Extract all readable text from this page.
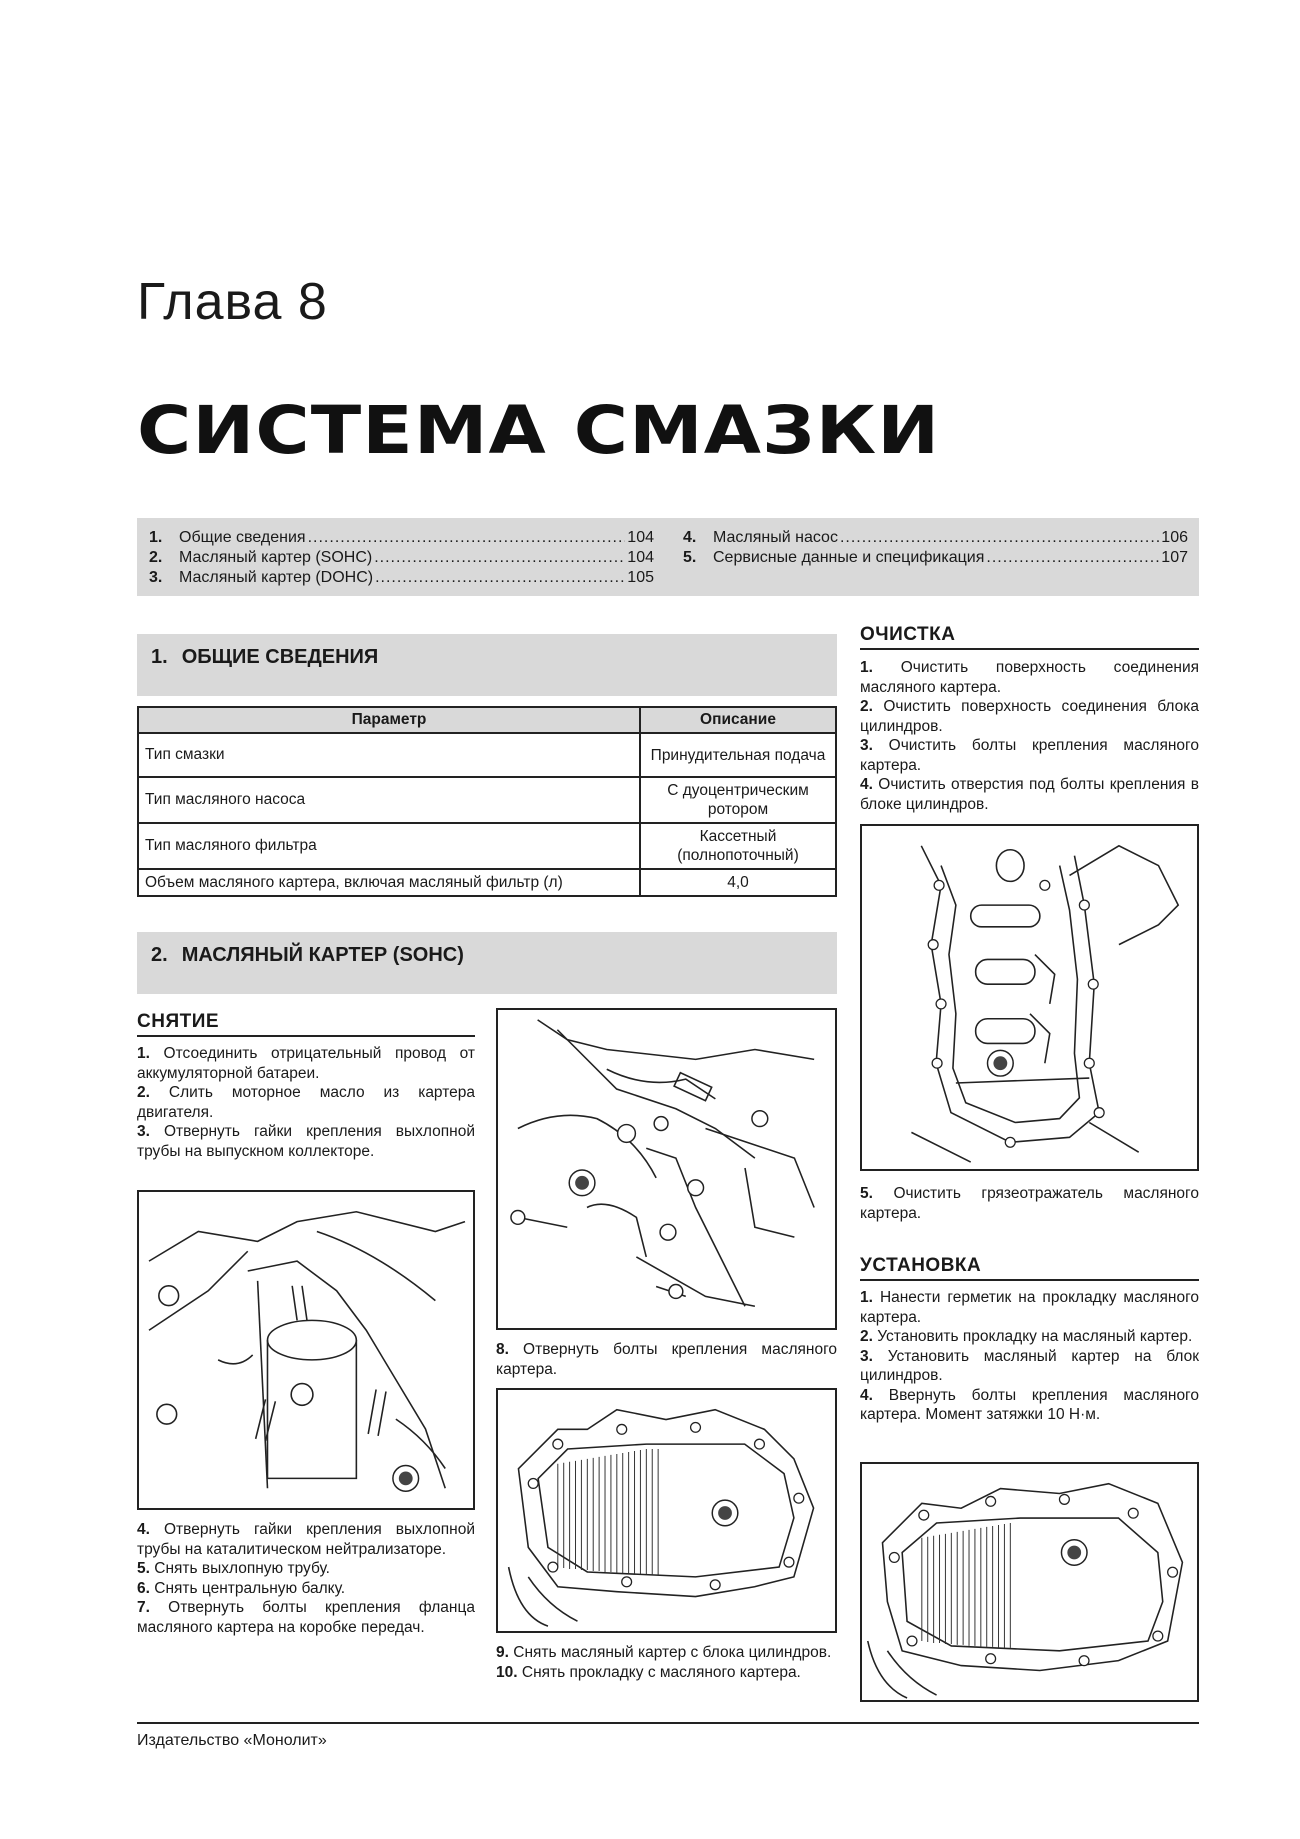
Глава 8
СИСТЕМА СМАЗКИ
1.	Общие сведения .....	104
2.	Масляный картер (SOHC) .....	104
3.	Масляный картер (DOHC) .....	105
4.	Масляный насос .....	106
5.	Сервисные данные и спецификация .....	107
1. ОБЩИЕ СВЕДЕНИЯ
Параметр	Описание
Тип смазки	Принудительная подача
Тип масляного насоса	С дуоцентрическим ротором
Тип масляного фильтра	Кассетный (полнопоточный)
Объем масляного картера, включая масляный фильтр (л)	4,0
2. МАСЛЯНЫЙ КАРТЕР (SOHC)
СНЯТИЕ

1. Отсоединить отрицательный провод от аккумуляторной батареи.

2. Слить моторное масло из картера двигателя.

3. Отвернуть гайки крепления выхлопной трубы на выпускном коллекторе.

4. Отвернуть гайки крепления выхлопной трубы на каталитическом нейтрализаторе.

5. Снять выхлопную трубу.

6. Снять центральную балку.

7. Отвернуть болты крепления фланца масляного картера на коробке передач.

8. Отвернуть болты крепления масляного картера.

9. Снять масляный картер с блока цилиндров.

10. Снять прокладку с масляного картера.

ОЧИСТКА

1. Очистить поверхность соединения масляного картера.

2. Очистить поверхность соединения блока цилиндров.

3. Очистить болты крепления масляного картера.

4. Очистить отверстия под болты крепления в блоке цилиндров.

5. Очистить грязеотражатель масляного картера.

УСТАНОВКА

1. Нанести герметик на прокладку масляного картера.

2. Установить прокладку на масляный картер.

3. Установить масляный картер на блок цилиндров.

4. Ввернуть болты крепления масляного картера. Момент затяжки 10 Н·м.

Издательство «Монолит»
